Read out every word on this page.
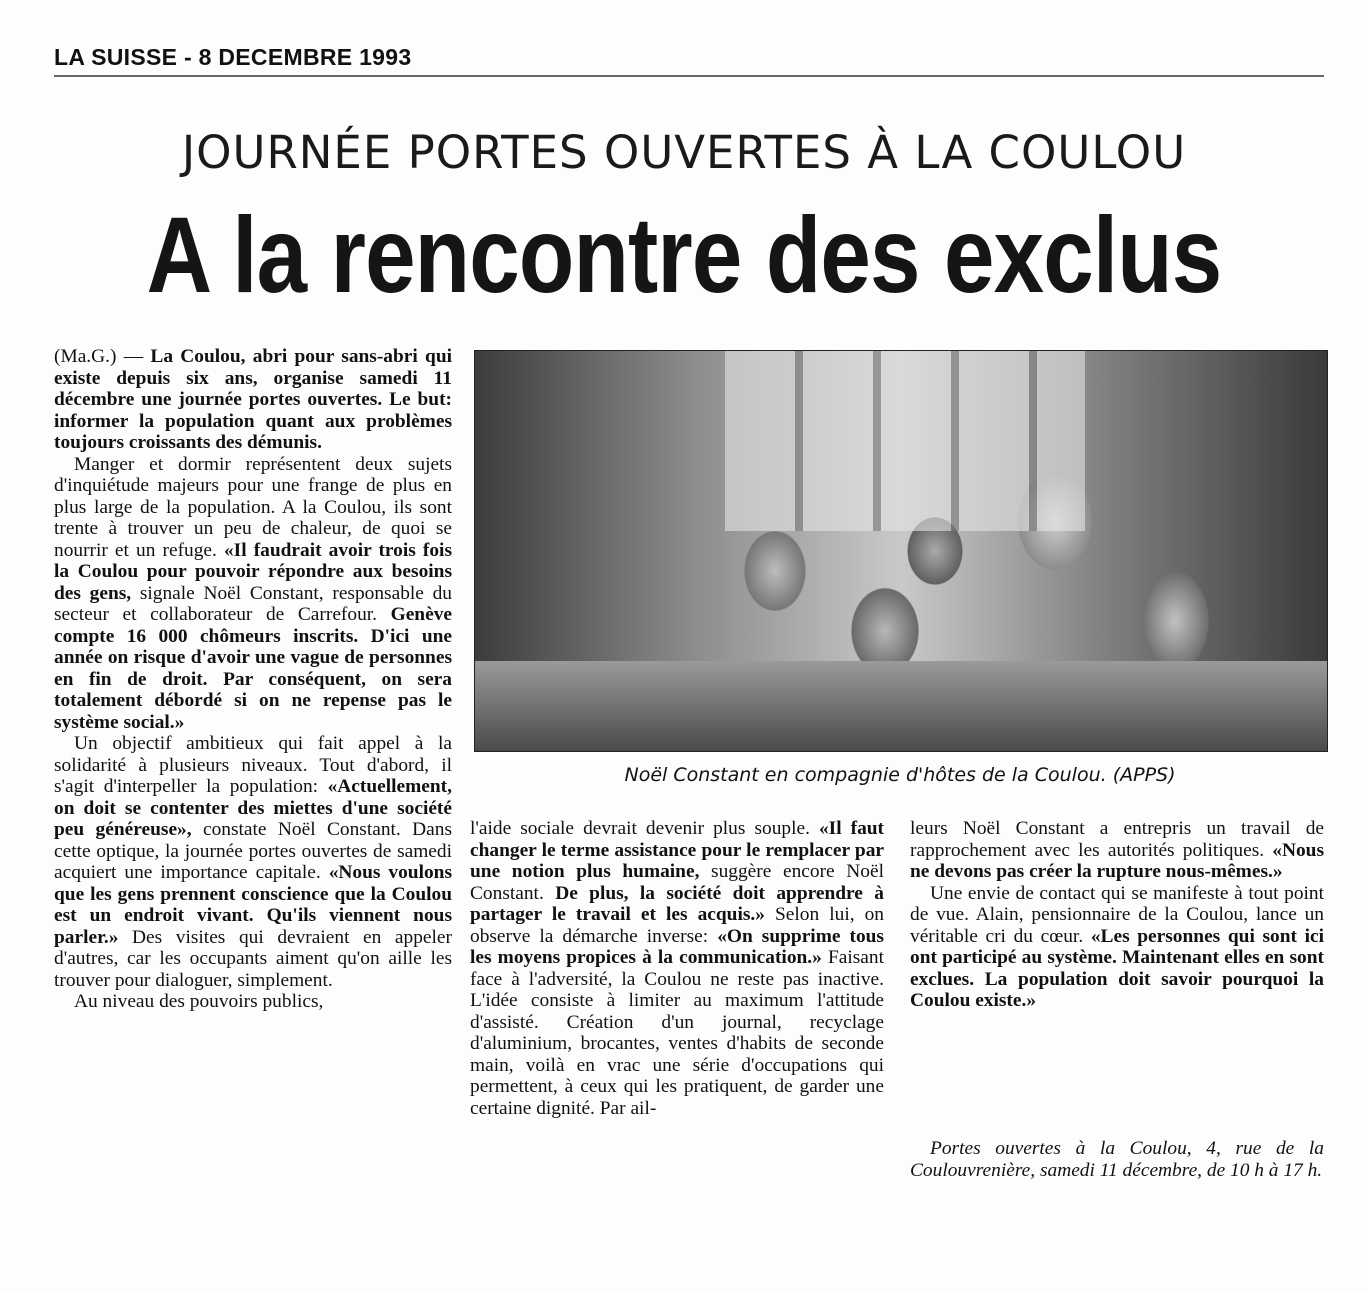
LA SUISSE - 8 DECEMBRE 1993
JOURNÉE PORTES OUVERTES À LA COULOU
A la rencontre des exclus

(Ma.G.) — La Coulou, abri pour sans-abri qui existe depuis six ans, organise samedi 11 décembre une journée portes ouvertes. Le but: informer la population quant aux problèmes toujours croissants des démunis.

Manger et dormir représentent deux sujets d'inquiétude majeurs pour une frange de plus en plus large de la population. A la Coulou, ils sont trente à trouver un peu de chaleur, de quoi se nourrir et un refuge. «Il faudrait avoir trois fois la Coulou pour pouvoir répondre aux besoins des gens, signale Noël Constant, responsable du secteur et collaborateur de Carrefour. Genève compte 16 000 chômeurs inscrits. D'ici une année on risque d'avoir une vague de personnes en fin de droit. Par conséquent, on sera totalement débordé si on ne repense pas le système social.»

Un objectif ambitieux qui fait appel à la solidarité à plusieurs niveaux. Tout d'abord, il s'agit d'interpeller la population: «Actuellement, on doit se contenter des miettes d'une société peu généreuse», constate Noël Constant. Dans cette optique, la journée portes ouvertes de samedi acquiert une importance capitale. «Nous voulons que les gens prennent conscience que la Coulou est un endroit vivant. Qu'ils viennent nous parler.» Des visites qui devraient en appeler d'autres, car les occupants aiment qu'on aille les trouver pour dialoguer, simplement.

Au niveau des pouvoirs publics,

Noël Constant en compagnie d'hôtes de la Coulou. (APPS)

l'aide sociale devrait devenir plus souple. «Il faut changer le terme assistance pour le remplacer par une notion plus humaine, suggère encore Noël Constant. De plus, la société doit apprendre à partager le travail et les acquis.» Selon lui, on observe la démarche inverse: «On supprime tous les moyens propices à la communication.» Faisant face à l'adversité, la Coulou ne reste pas inactive. L'idée consiste à limiter au maximum l'attitude d'assisté. Création d'un journal, recyclage d'aluminium, brocantes, ventes d'habits de seconde main, voilà en vrac une série d'occupations qui permettent, à ceux qui les pratiquent, de garder une certaine dignité. Par ail-

leurs Noël Constant a entrepris un travail de rapprochement avec les autorités politiques. «Nous ne devons pas créer la rupture nous-mêmes.»

Une envie de contact qui se manifeste à tout point de vue. Alain, pensionnaire de la Coulou, lance un véritable cri du cœur. «Les personnes qui sont ici ont participé au système. Maintenant elles en sont exclues. La population doit savoir pourquoi la Coulou existe.»

Portes ouvertes à la Coulou, 4, rue de la Coulouvrenière, samedi 11 décembre, de 10 h à 17 h.
